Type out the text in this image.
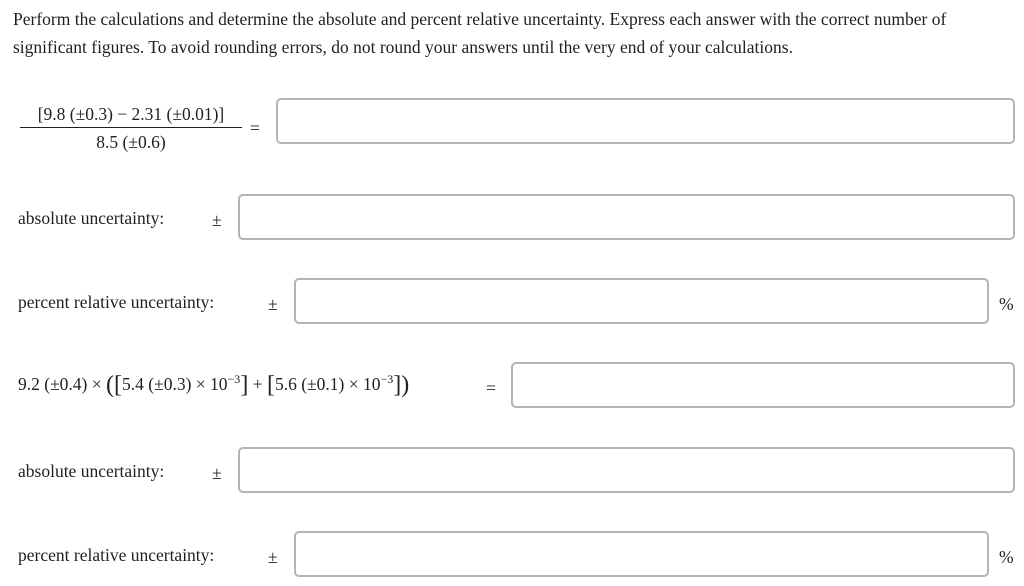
Perform the calculations and determine the absolute and percent relative uncertainty. Express each answer with the correct number of significant figures. To avoid rounding errors, do not round your answers until the very end of your calculations.
[9.8 (±0.3) − 2.31 (±0.01)]
8.5 (±0.6)
=
absolute uncertainty:	±
percent relative uncertainty:	±	%
9.2 (±0.4) × ([5.4 $(\pm 0.3) \times 10^{-3}] + [5.6$ $(\pm 0.1) \times 10^{-3}$])	=
absolute uncertainty:	±
percent relative uncertainty:	±	%
